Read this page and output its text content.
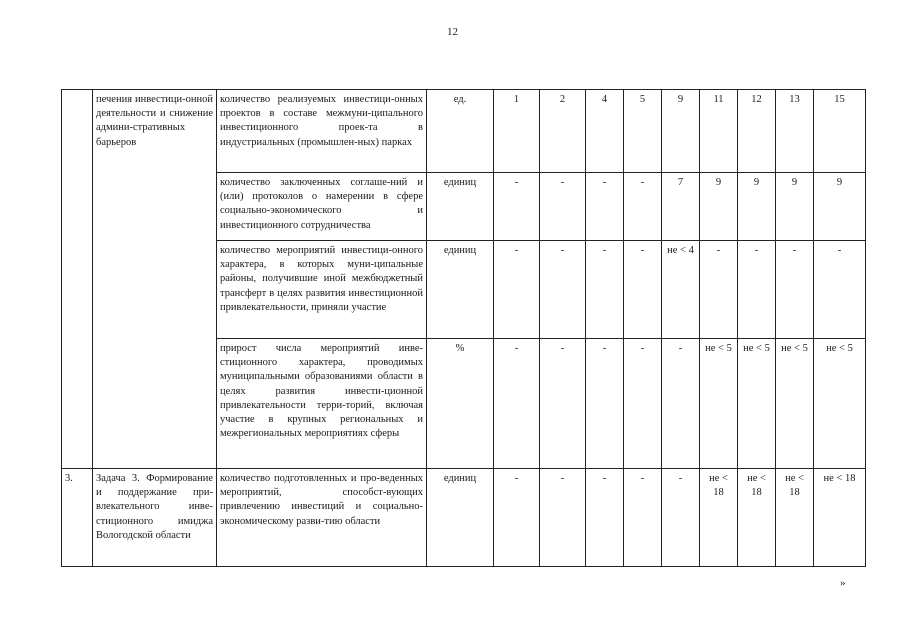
12
	печения инвестици-онной деятельности и снижение админи-стративных барьеров	количество реализуемых инвестици-онных проектов в составе межмуни-ципального инвестиционного проек-та в индустриальных (промышлен-ных) парках	ед.	1	2	4	5	9	11	12	13	15
		количество заключенных соглаше-ний и (или) протоколов о намерении в сфере социально-экономического и инвестиционного сотрудничества	единиц	-	-	-	-	7	9	9	9	9
		количество мероприятий инвестици-онного характера, в которых муни-ципальные районы, получившие иной межбюджетный трансферт в целях развития инвестиционной привлекательности, приняли участие	единиц	-	-	-	-	не < 4	-	-	-	-
		прирост числа мероприятий инве-стиционного характера, проводимых муниципальными образованиями области в целях развития инвести-ционной привлекательности терри-торий, включая участие в крупных региональных и межрегиональных мероприятиях сферы	%	-	-	-	-	-	не < 5	не < 5	не < 5	не < 5
3.	Задача 3. Формирование и поддержание при-влекательного инве-стиционного имиджа Вологодской области	количество подготовленных и про-веденных мероприятий, способст-вующих привлечению инвестиций и социально-экономическому разви-тию области	единиц	-	-	-	-	-	не < 18	не < 18	не < 18	не < 18
»
